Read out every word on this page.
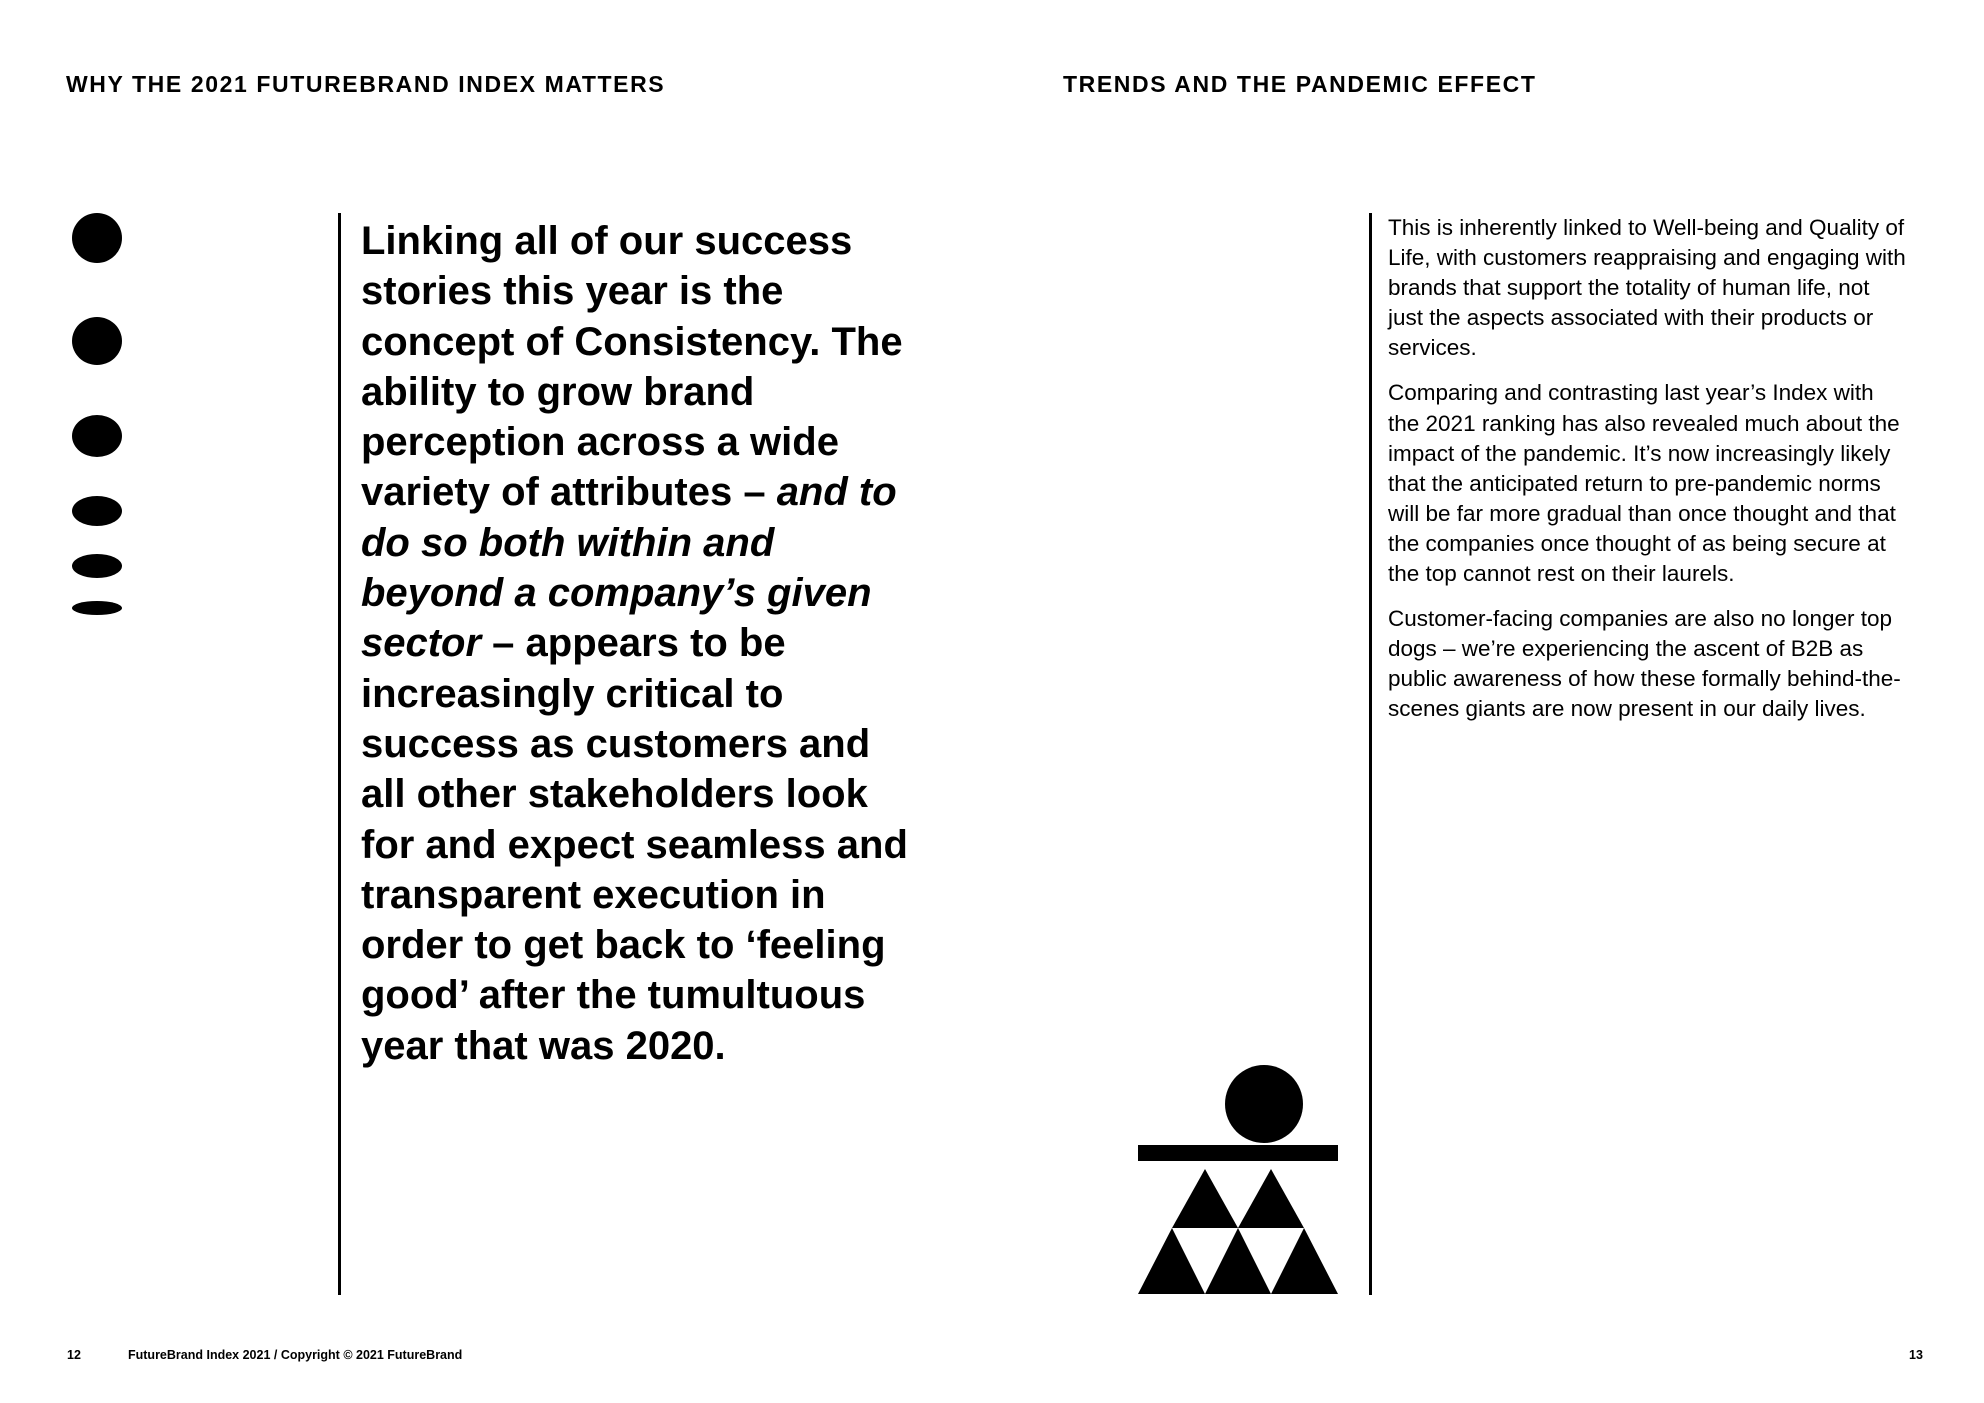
WHY THE 2021 FUTUREBRAND INDEX MATTERS	TRENDS AND THE PANDEMIC EFFECT

Linking all of our success stories this year is the concept of Consistency. The ability to grow brand perception across a wide variety of attributes – and to do so both within and beyond a company’s given sector – appears to be increasingly critical to success as customers and all other stakeholders look for and expect seamless and transparent execution in order to get back to ‘feeling good’ after the tumultuous year that was 2020.

This is inherently linked to Well-being and Quality of Life, with customers reappraising and engaging with brands that support the totality of human life, not just the aspects associated with their products or services.

Comparing and contrasting last year’s Index with the 2021 ranking has also revealed much about the impact of the pandemic. It’s now increasingly likely that the anticipated return to pre-pandemic norms will be far more gradual than once thought and that the companies once thought of as being secure at the top cannot rest on their laurels.

Customer-facing companies are also no longer top dogs – we’re experiencing the ascent of B2B as public awareness of how these formally behind-the-scenes giants are now present in our daily lives.

12	FutureBrand Index 2021 / Copyright © 2021 FutureBrand	13
